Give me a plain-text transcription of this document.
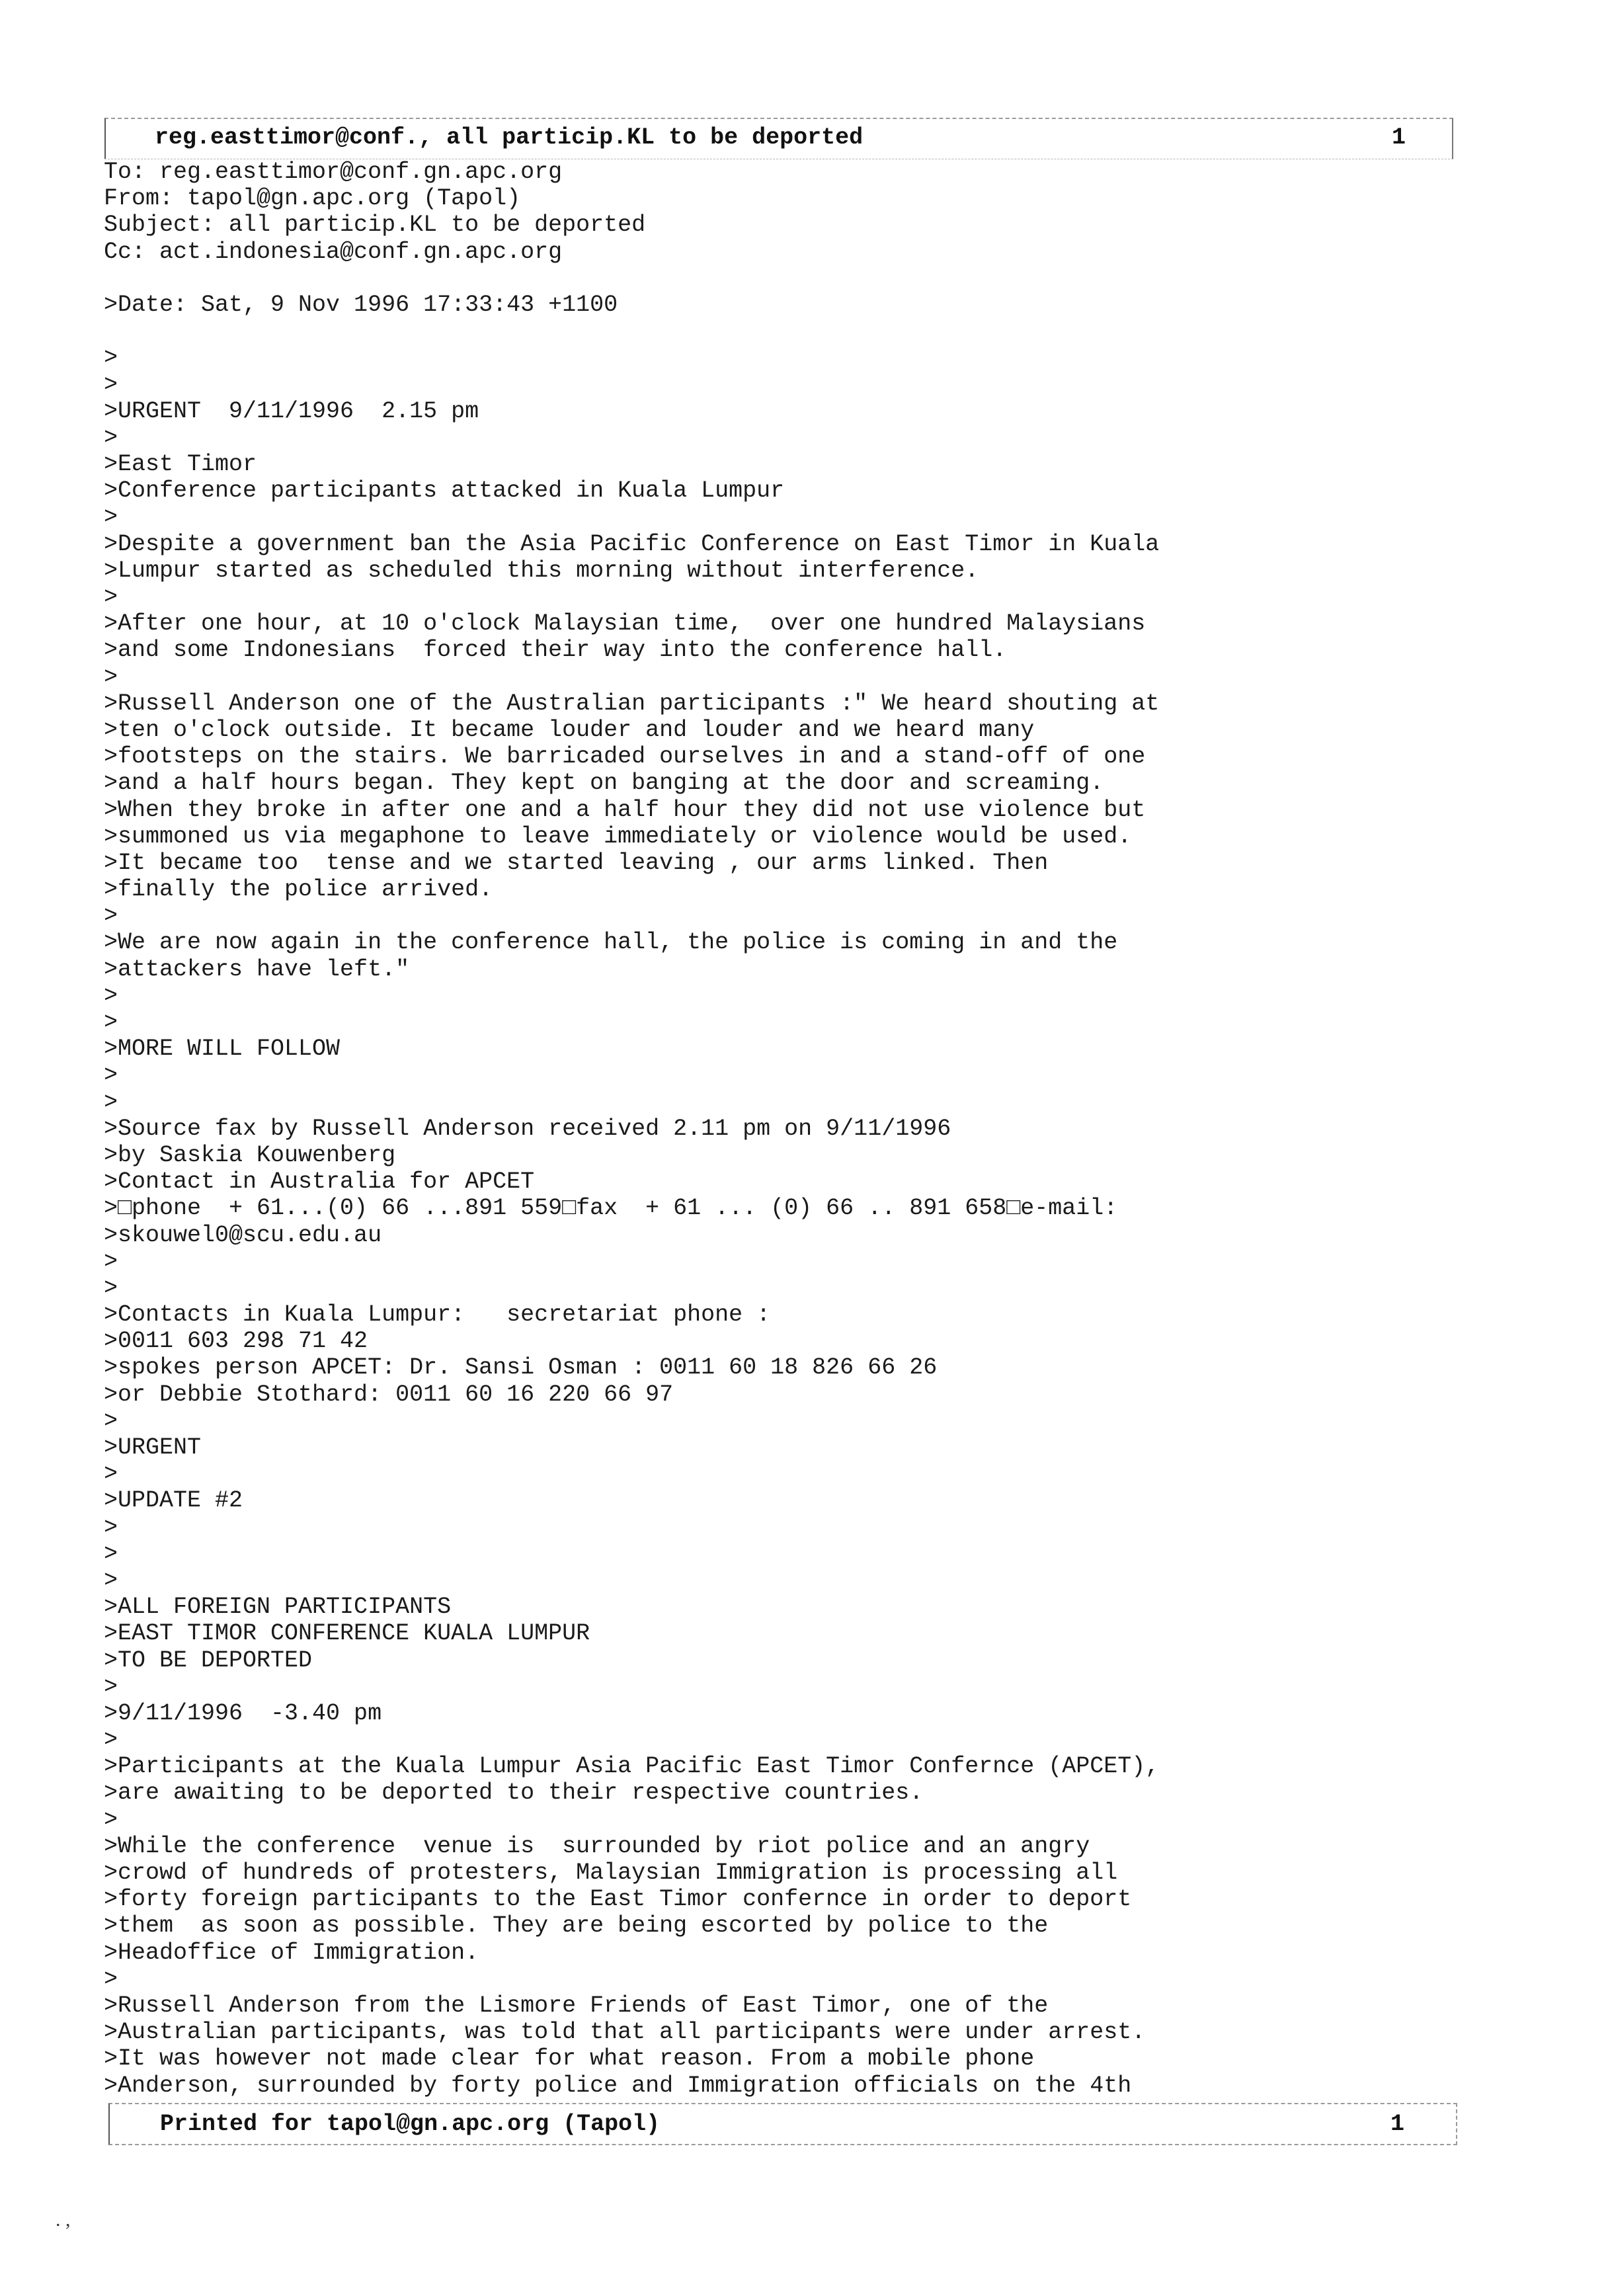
reg.easttimor@conf., all particip.KL to be deported	1
To: reg.easttimor@conf.gn.apc.org
From: tapol@gn.apc.org (Tapol)
Subject: all particip.KL to be deported
Cc: act.indonesia@conf.gn.apc.org
>Date: Sat, 9 Nov 1996 17:33:43 +1100
>
>
>URGENT  9/11/1996  2.15 pm
>
>East Timor
>Conference participants attacked in Kuala Lumpur
>
>Despite a government ban the Asia Pacific Conference on East Timor in Kuala
>Lumpur started as scheduled this morning without interference.
>
>After one hour, at 10 o'clock Malaysian time,  over one hundred Malaysians
>and some Indonesians  forced their way into the conference hall.
>
>Russell Anderson one of the Australian participants :" We heard shouting at
>ten o'clock outside. It became louder and louder and we heard many
>footsteps on the stairs. We barricaded ourselves in and a stand-off of one
>and a half hours began. They kept on banging at the door and screaming.
>When they broke in after one and a half hour they did not use violence but
>summoned us via megaphone to leave immediately or violence would be used.
>It became too  tense and we started leaving , our arms linked. Then
>finally the police arrived.
>
>We are now again in the conference hall, the police is coming in and the
>attackers have left."
>
>
>MORE WILL FOLLOW
>
>
>Source fax by Russell Anderson received 2.11 pm on 9/11/1996
>by Saskia Kouwenberg
>Contact in Australia for APCET
>□phone  + 61...(0) 66 ...891 559□fax  + 61 ... (0) 66 .. 891 658□e-mail:
>skouwel0@scu.edu.au
>
>
>Contacts in Kuala Lumpur:   secretariat phone :
>0011 603 298 71 42
>spokes person APCET: Dr. Sansi Osman : 0011 60 18 826 66 26
>or Debbie Stothard: 0011 60 16 220 66 97
>
>URGENT
>
>UPDATE #2
>
>
>
>ALL FOREIGN PARTICIPANTS
>EAST TIMOR CONFERENCE KUALA LUMPUR
>TO BE DEPORTED
>
>9/11/1996  -3.40 pm
>
>Participants at the Kuala Lumpur Asia Pacific East Timor Confernce (APCET),
>are awaiting to be deported to their respective countries.
>
>While the conference  venue is  surrounded by riot police and an angry
>crowd of hundreds of protesters, Malaysian Immigration is processing all
>forty foreign participants to the East Timor confernce in order to deport
>them  as soon as possible. They are being escorted by police to the
>Headoffice of Immigration.
>
>Russell Anderson from the Lismore Friends of East Timor, one of the
>Australian participants, was told that all participants were under arrest.
>It was however not made clear for what reason. From a mobile phone
>Anderson, surrounded by forty police and Immigration officials on the 4th
Printed for tapol@gn.apc.org (Tapol)	1
. ,
